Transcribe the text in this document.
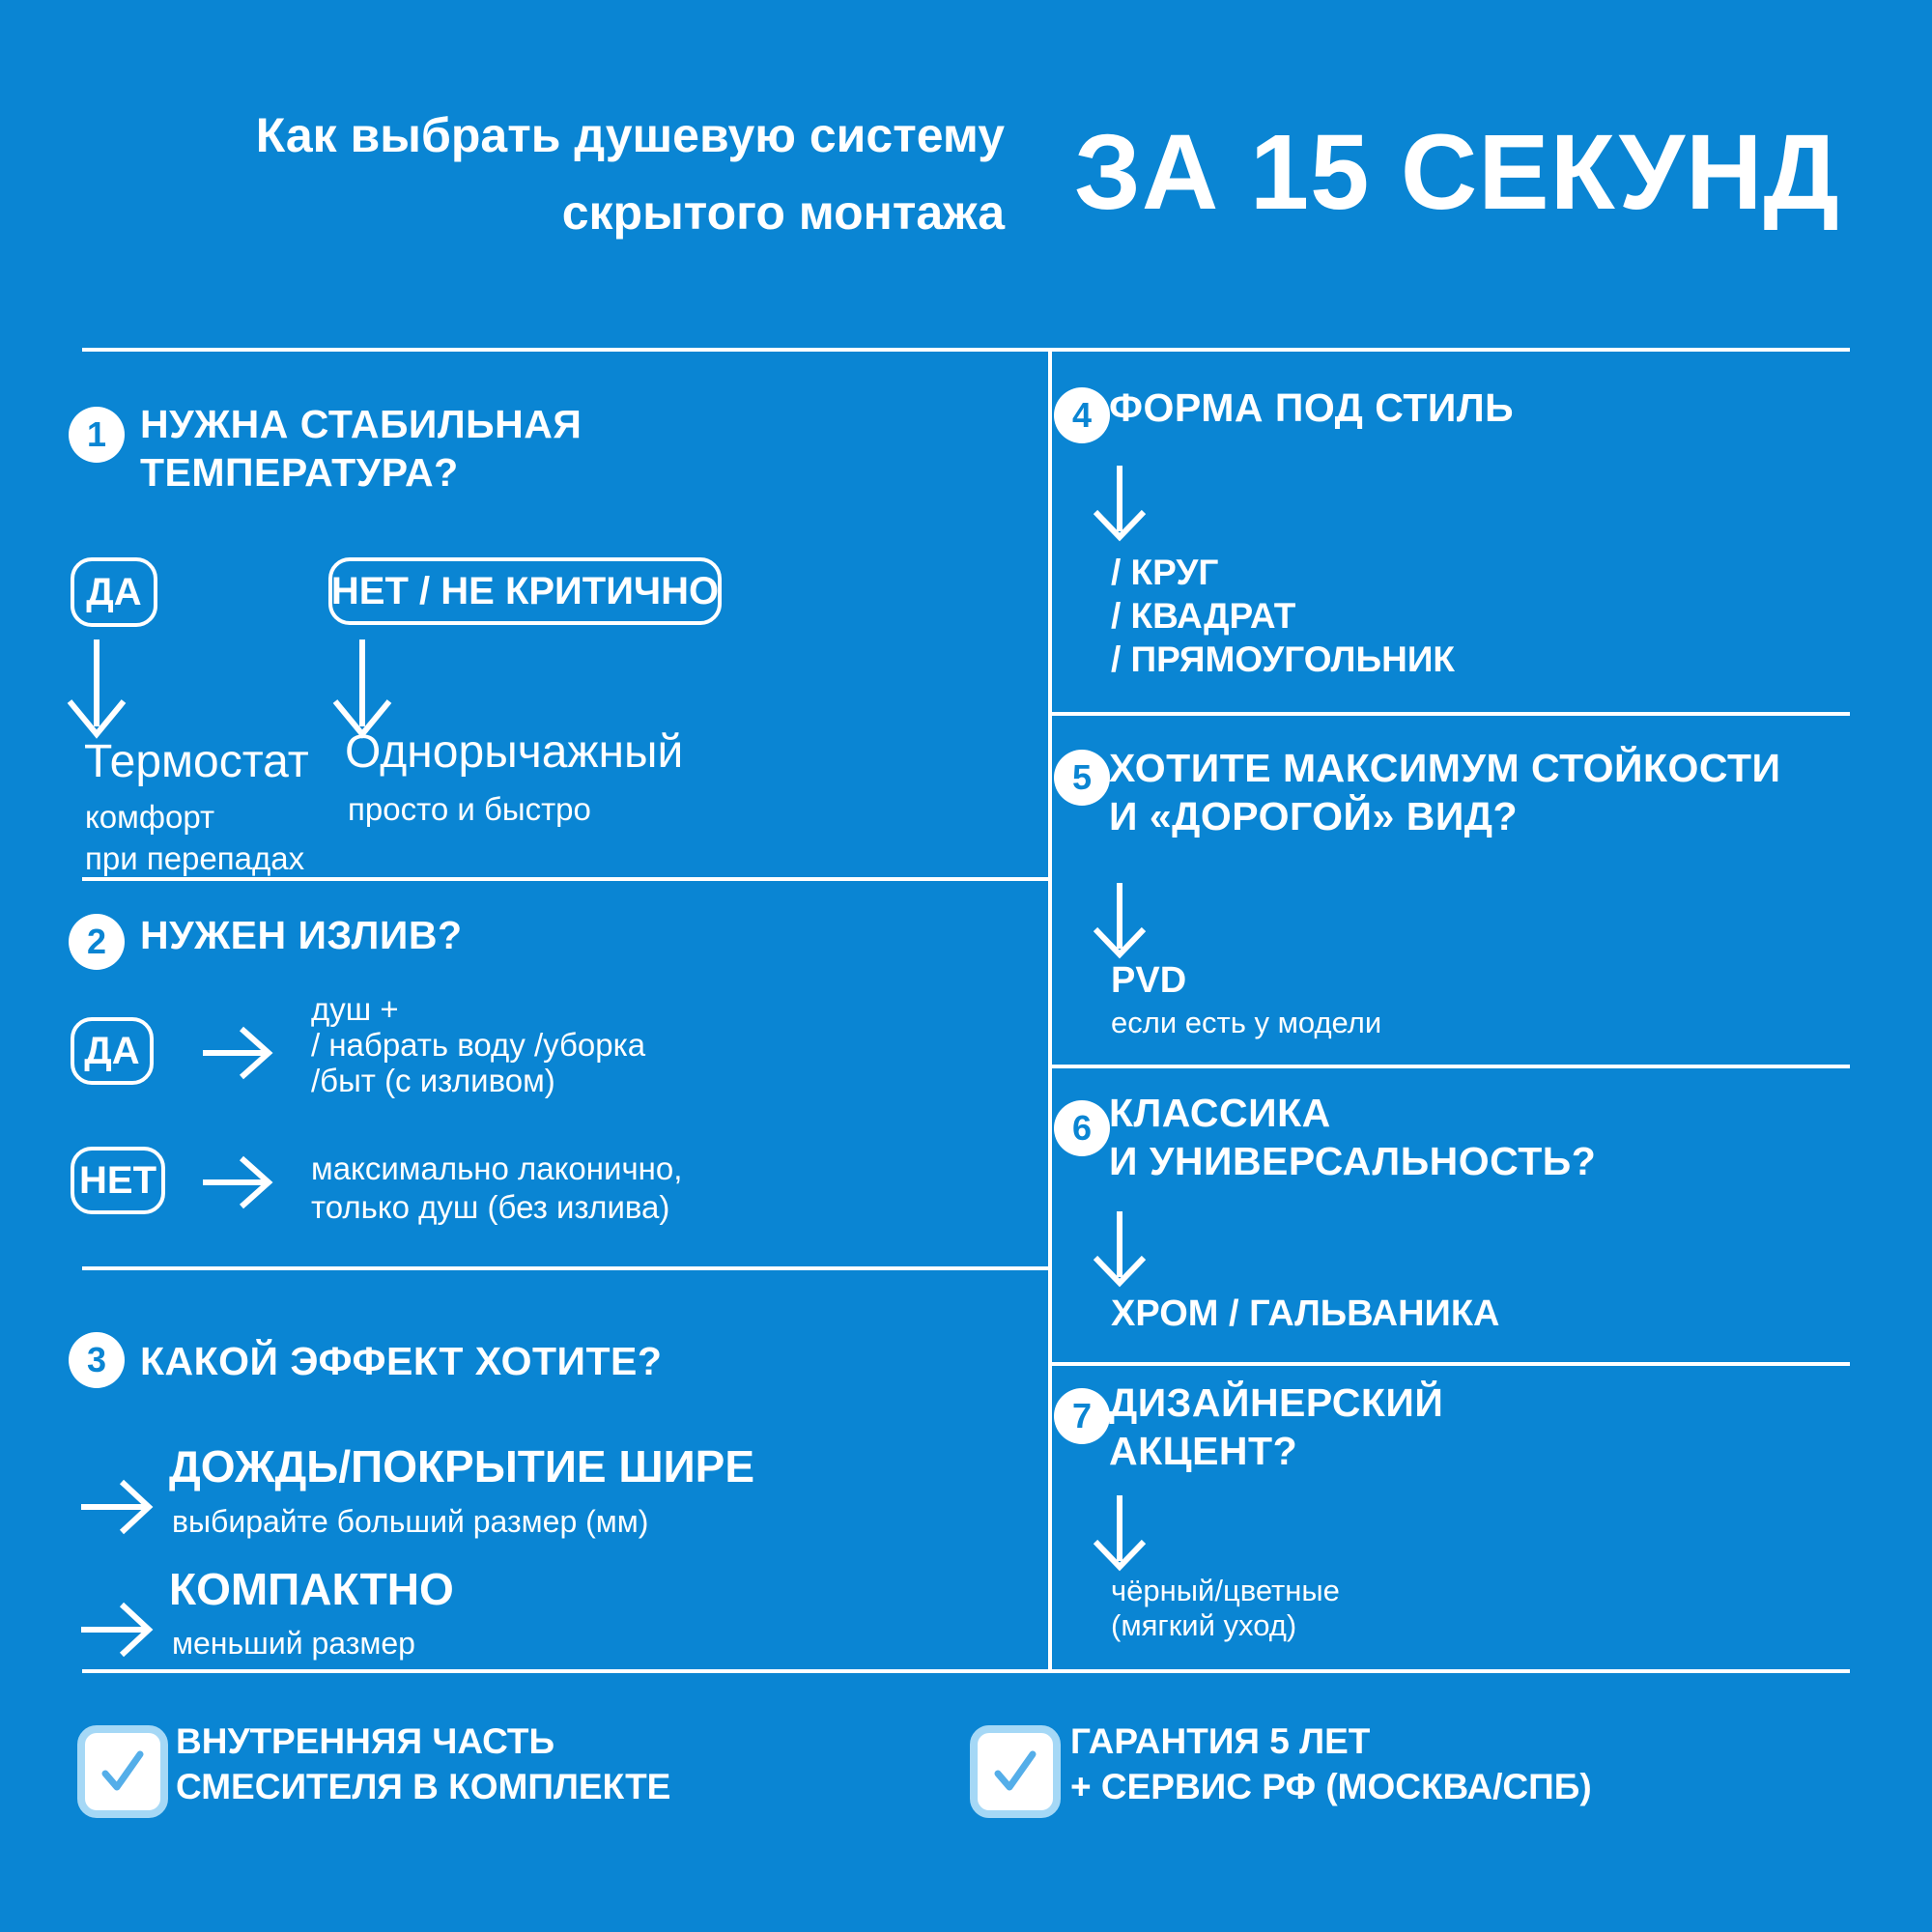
Как выбрать душевую систему
скрытого монтажа ЗА 15 СЕКУНД
1 НУЖНА СТАБИЛЬНАЯ
ТЕМПЕРАТУРА?
ДА	НЕТ / НЕ КРИТИЧНО
Термостат
комфорт
при перепадах
Однорычажный
просто и быстро
2 НУЖЕН ИЗЛИВ?
ДА
душ +
/ набрать воду /уборка
/быт (с изливом)
НЕТ	максимально лаконично,
только душ (без излива)
3 КАКОЙ ЭФФЕКТ ХОТИТЕ?
ДОЖДЬ/ПОКРЫТИЕ ШИРЕ
выбирайте больший размер (мм)
КОМПАКТНО
меньший размер
4 ФОРМА ПОД СТИЛЬ
/ КРУГ
/ КВАДРАТ
/ ПРЯМОУГОЛЬНИК
5 ХОТИТЕ МАКСИМУМ СТОЙКОСТИ
И «ДОРОГОЙ» ВИД?
PVD
если есть у модели
6 КЛАССИКА
И УНИВЕРСАЛЬНОСТЬ?
ХРОМ / ГАЛЬВАНИКА
7 ДИЗАЙНЕРСКИЙ
АКЦЕНТ?
чёрный/цветные
(мягкий уход)
ВНУТРЕННЯЯ ЧАСТЬ
СМЕСИТЕЛЯ В КОМПЛЕКТЕ
ГАРАНТИЯ 5 ЛЕТ
+ СЕРВИС РФ (МОСКВА/СПБ)
